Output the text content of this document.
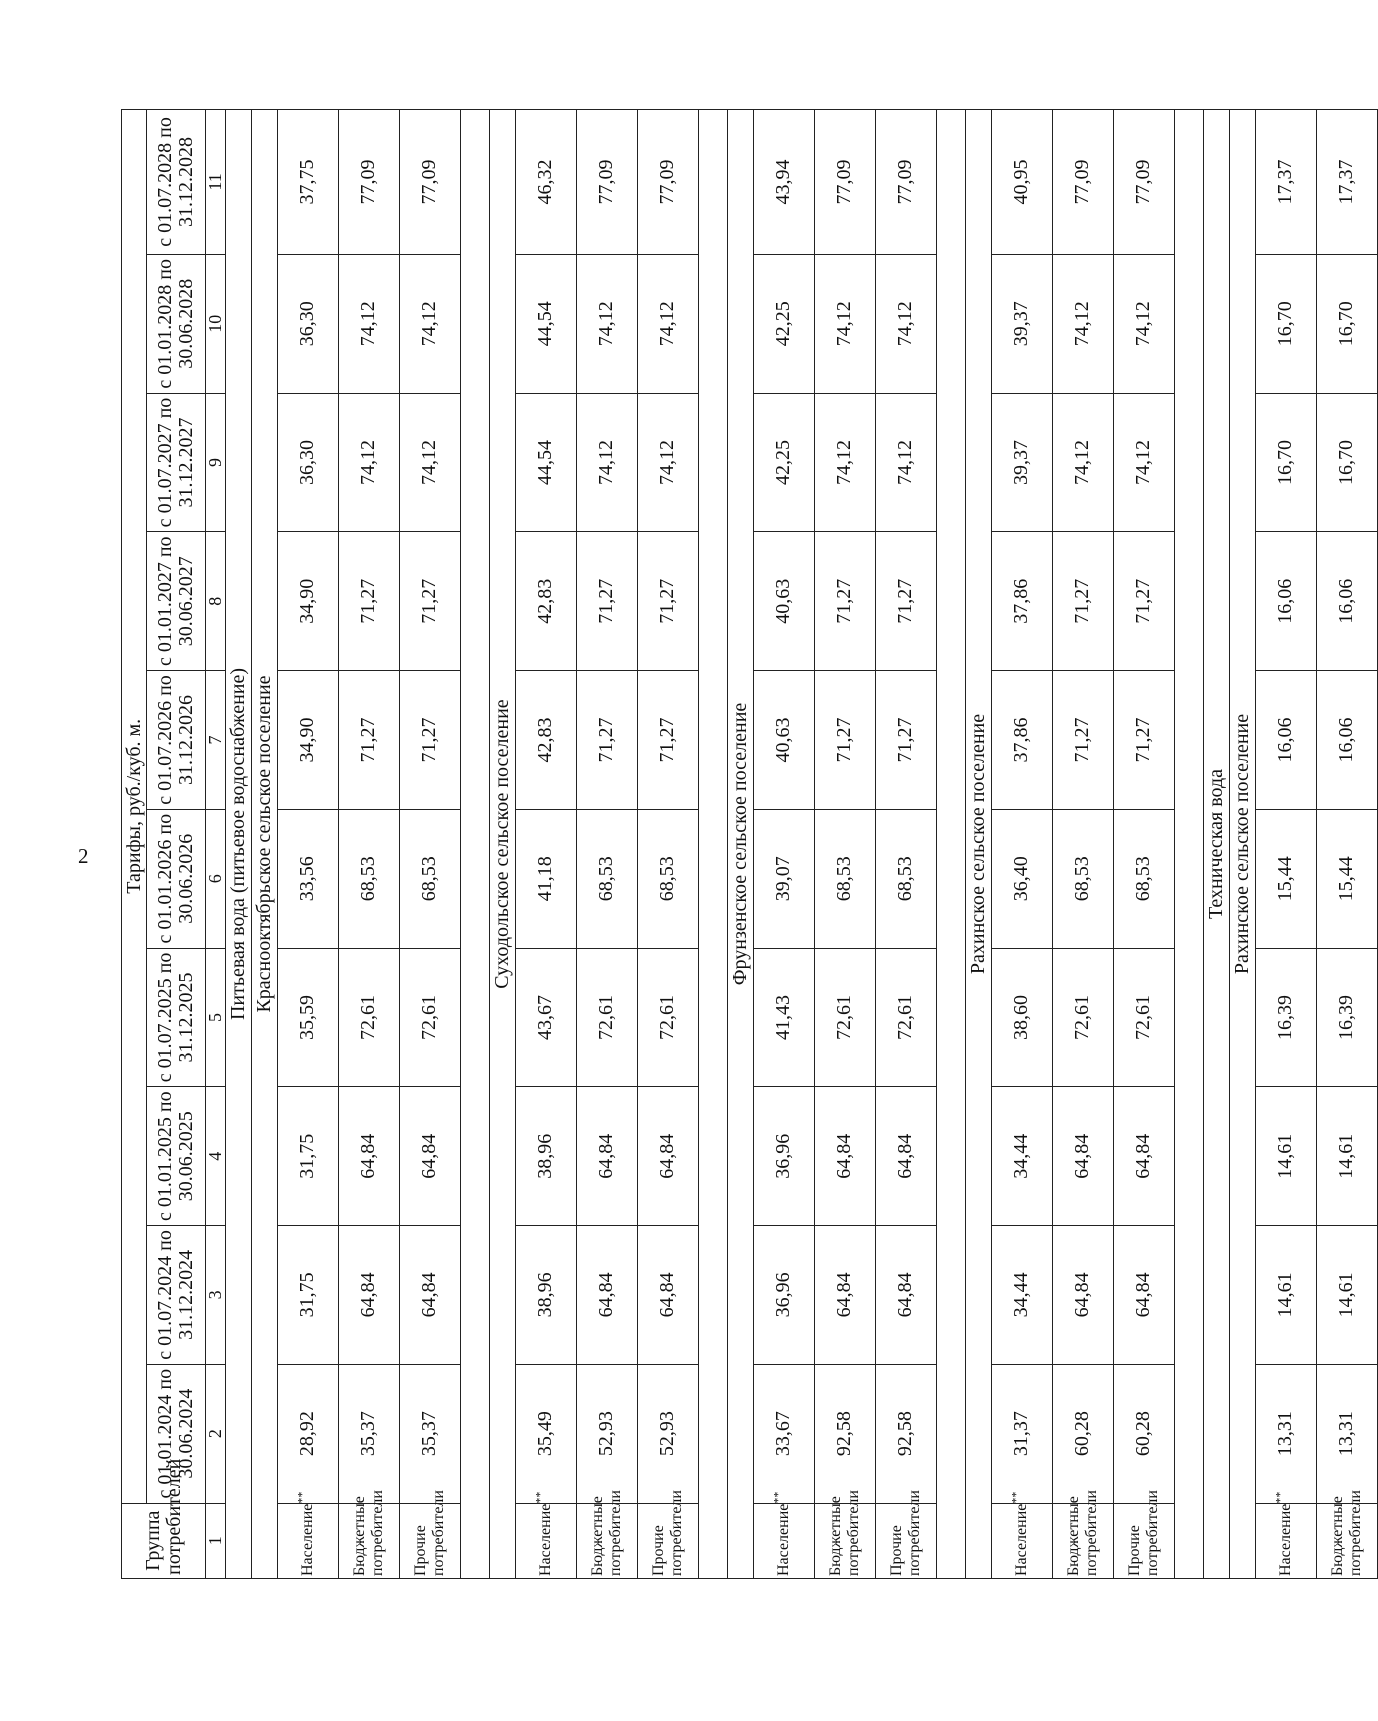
2
Группа потребителей	Тарифы, руб./куб. м.									
	с 01.01.2024 по 30.06.2024	с 01.07.2024 по 31.12.2024	с 01.01.2025 по 30.06.2025	с 01.07.2025 по 31.12.2025	с 01.01.2026 по 30.06.2026	с 01.07.2026 по 31.12.2026	с 01.01.2027 по 30.06.2027	с 01.07.2027 по 31.12.2027	с 01.01.2028 по 30.06.2028	с 01.07.2028 по 31.12.2028
1	2	3	4	5	6	7	8	9	10	11
Питьевая вода (питьевое водоснабжение)										
Краснооктябрьское сельское поселение										
Население**	28,92	31,75	31,75	35,59	33,56	34,90	34,90	36,30	36,30	37,75
Бюджетные потребители	35,37	64,84	64,84	72,61	68,53	71,27	71,27	74,12	74,12	77,09
Прочие потребители	35,37	64,84	64,84	72,61	68,53	71,27	71,27	74,12	74,12	77,09

Суходольское сельское поселение										
Население**	35,49	38,96	38,96	43,67	41,18	42,83	42,83	44,54	44,54	46,32
Бюджетные потребители	52,93	64,84	64,84	72,61	68,53	71,27	71,27	74,12	74,12	77,09
Прочие потребители	52,93	64,84	64,84	72,61	68,53	71,27	71,27	74,12	74,12	77,09

Фрунзенское сельское поселение										
Население**	33,67	36,96	36,96	41,43	39,07	40,63	40,63	42,25	42,25	43,94
Бюджетные потребители	92,58	64,84	64,84	72,61	68,53	71,27	71,27	74,12	74,12	77,09
Прочие потребители	92,58	64,84	64,84	72,61	68,53	71,27	71,27	74,12	74,12	77,09

Рахинское сельское поселение										
Население**	31,37	34,44	34,44	38,60	36,40	37,86	37,86	39,37	39,37	40,95
Бюджетные потребители	60,28	64,84	64,84	72,61	68,53	71,27	71,27	74,12	74,12	77,09
Прочие потребители	60,28	64,84	64,84	72,61	68,53	71,27	71,27	74,12	74,12	77,09

Техническая вода										
Рахинское сельское поселение										
Население**	13,31	14,61	14,61	16,39	15,44	16,06	16,06	16,70	16,70	17,37
Бюджетные потребители	13,31	14,61	14,61	16,39	15,44	16,06	16,06	16,70	16,70	17,37
